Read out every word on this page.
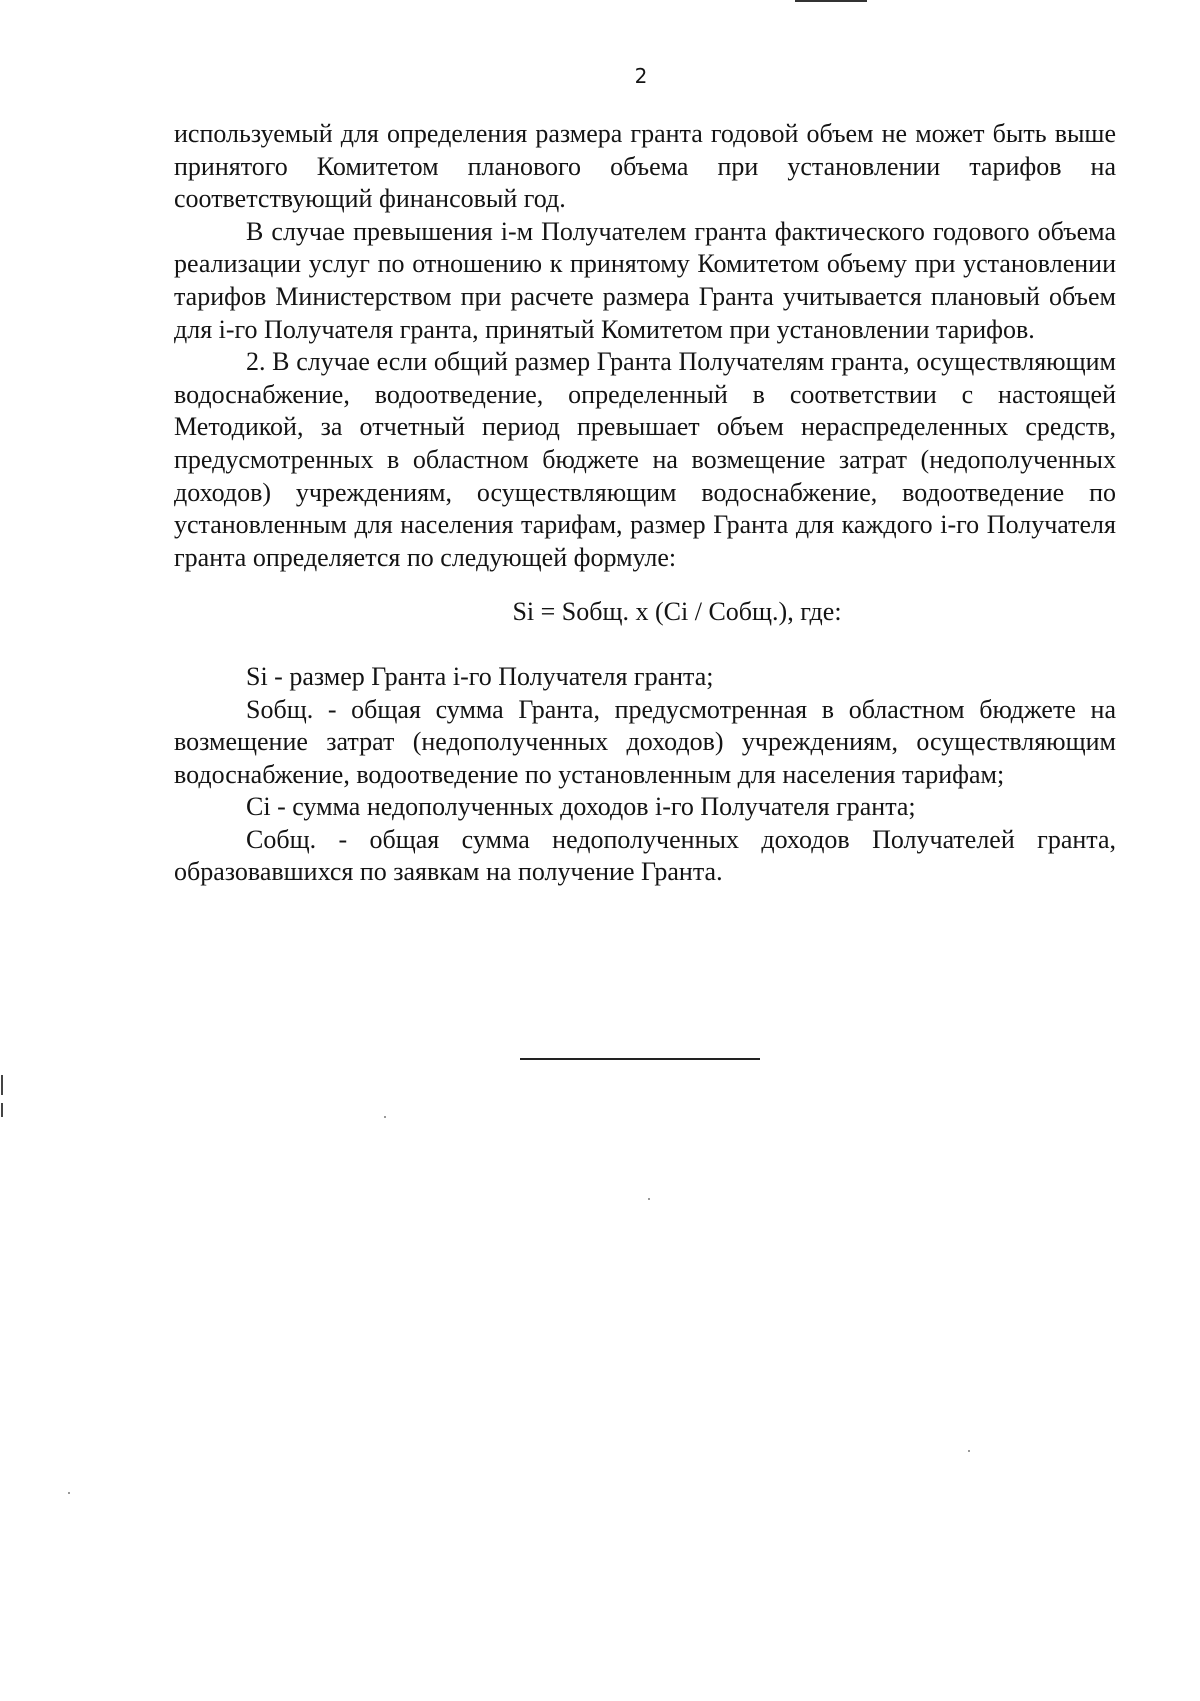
2

используемый для определения размера гранта годовой объем не может быть выше принятого Комитетом планового объема при установлении тарифов на соответствующий финансовый год.

В случае превышения i-м Получателем гранта фактического годового объема реализации услуг по отношению к принятому Комитетом объему при установлении тарифов Министерством при расчете размера Гранта учитывается плановый объем для i-го Получателя гранта, принятый Комитетом при установлении тарифов.

2. В случае если общий размер Гранта Получателям гранта, осуществляющим водоснабжение, водоотведение, определенный в соответствии с настоящей Методикой, за отчетный период превышает объем нераспределенных средств, предусмотренных в областном бюджете на возмещение затрат (недополученных доходов) учреждениям, осуществляющим водоснабжение, водоотведение по установленным для населения тарифам, размер Гранта для каждого i-го Получателя гранта определяется по следующей формуле:

Si = Sобщ. x (Сi / Собщ.), где:

Si - размер Гранта i-го Получателя гранта;

Sобщ. - общая сумма Гранта, предусмотренная в областном бюджете на возмещение затрат (недополученных доходов) учреждениям, осуществляющим водоснабжение, водоотведение по установленным для населения тарифам;

Сi - сумма недополученных доходов i-го Получателя гранта;

Собщ. - общая сумма недополученных доходов Получателей гранта, образовавшихся по заявкам на получение Гранта.
